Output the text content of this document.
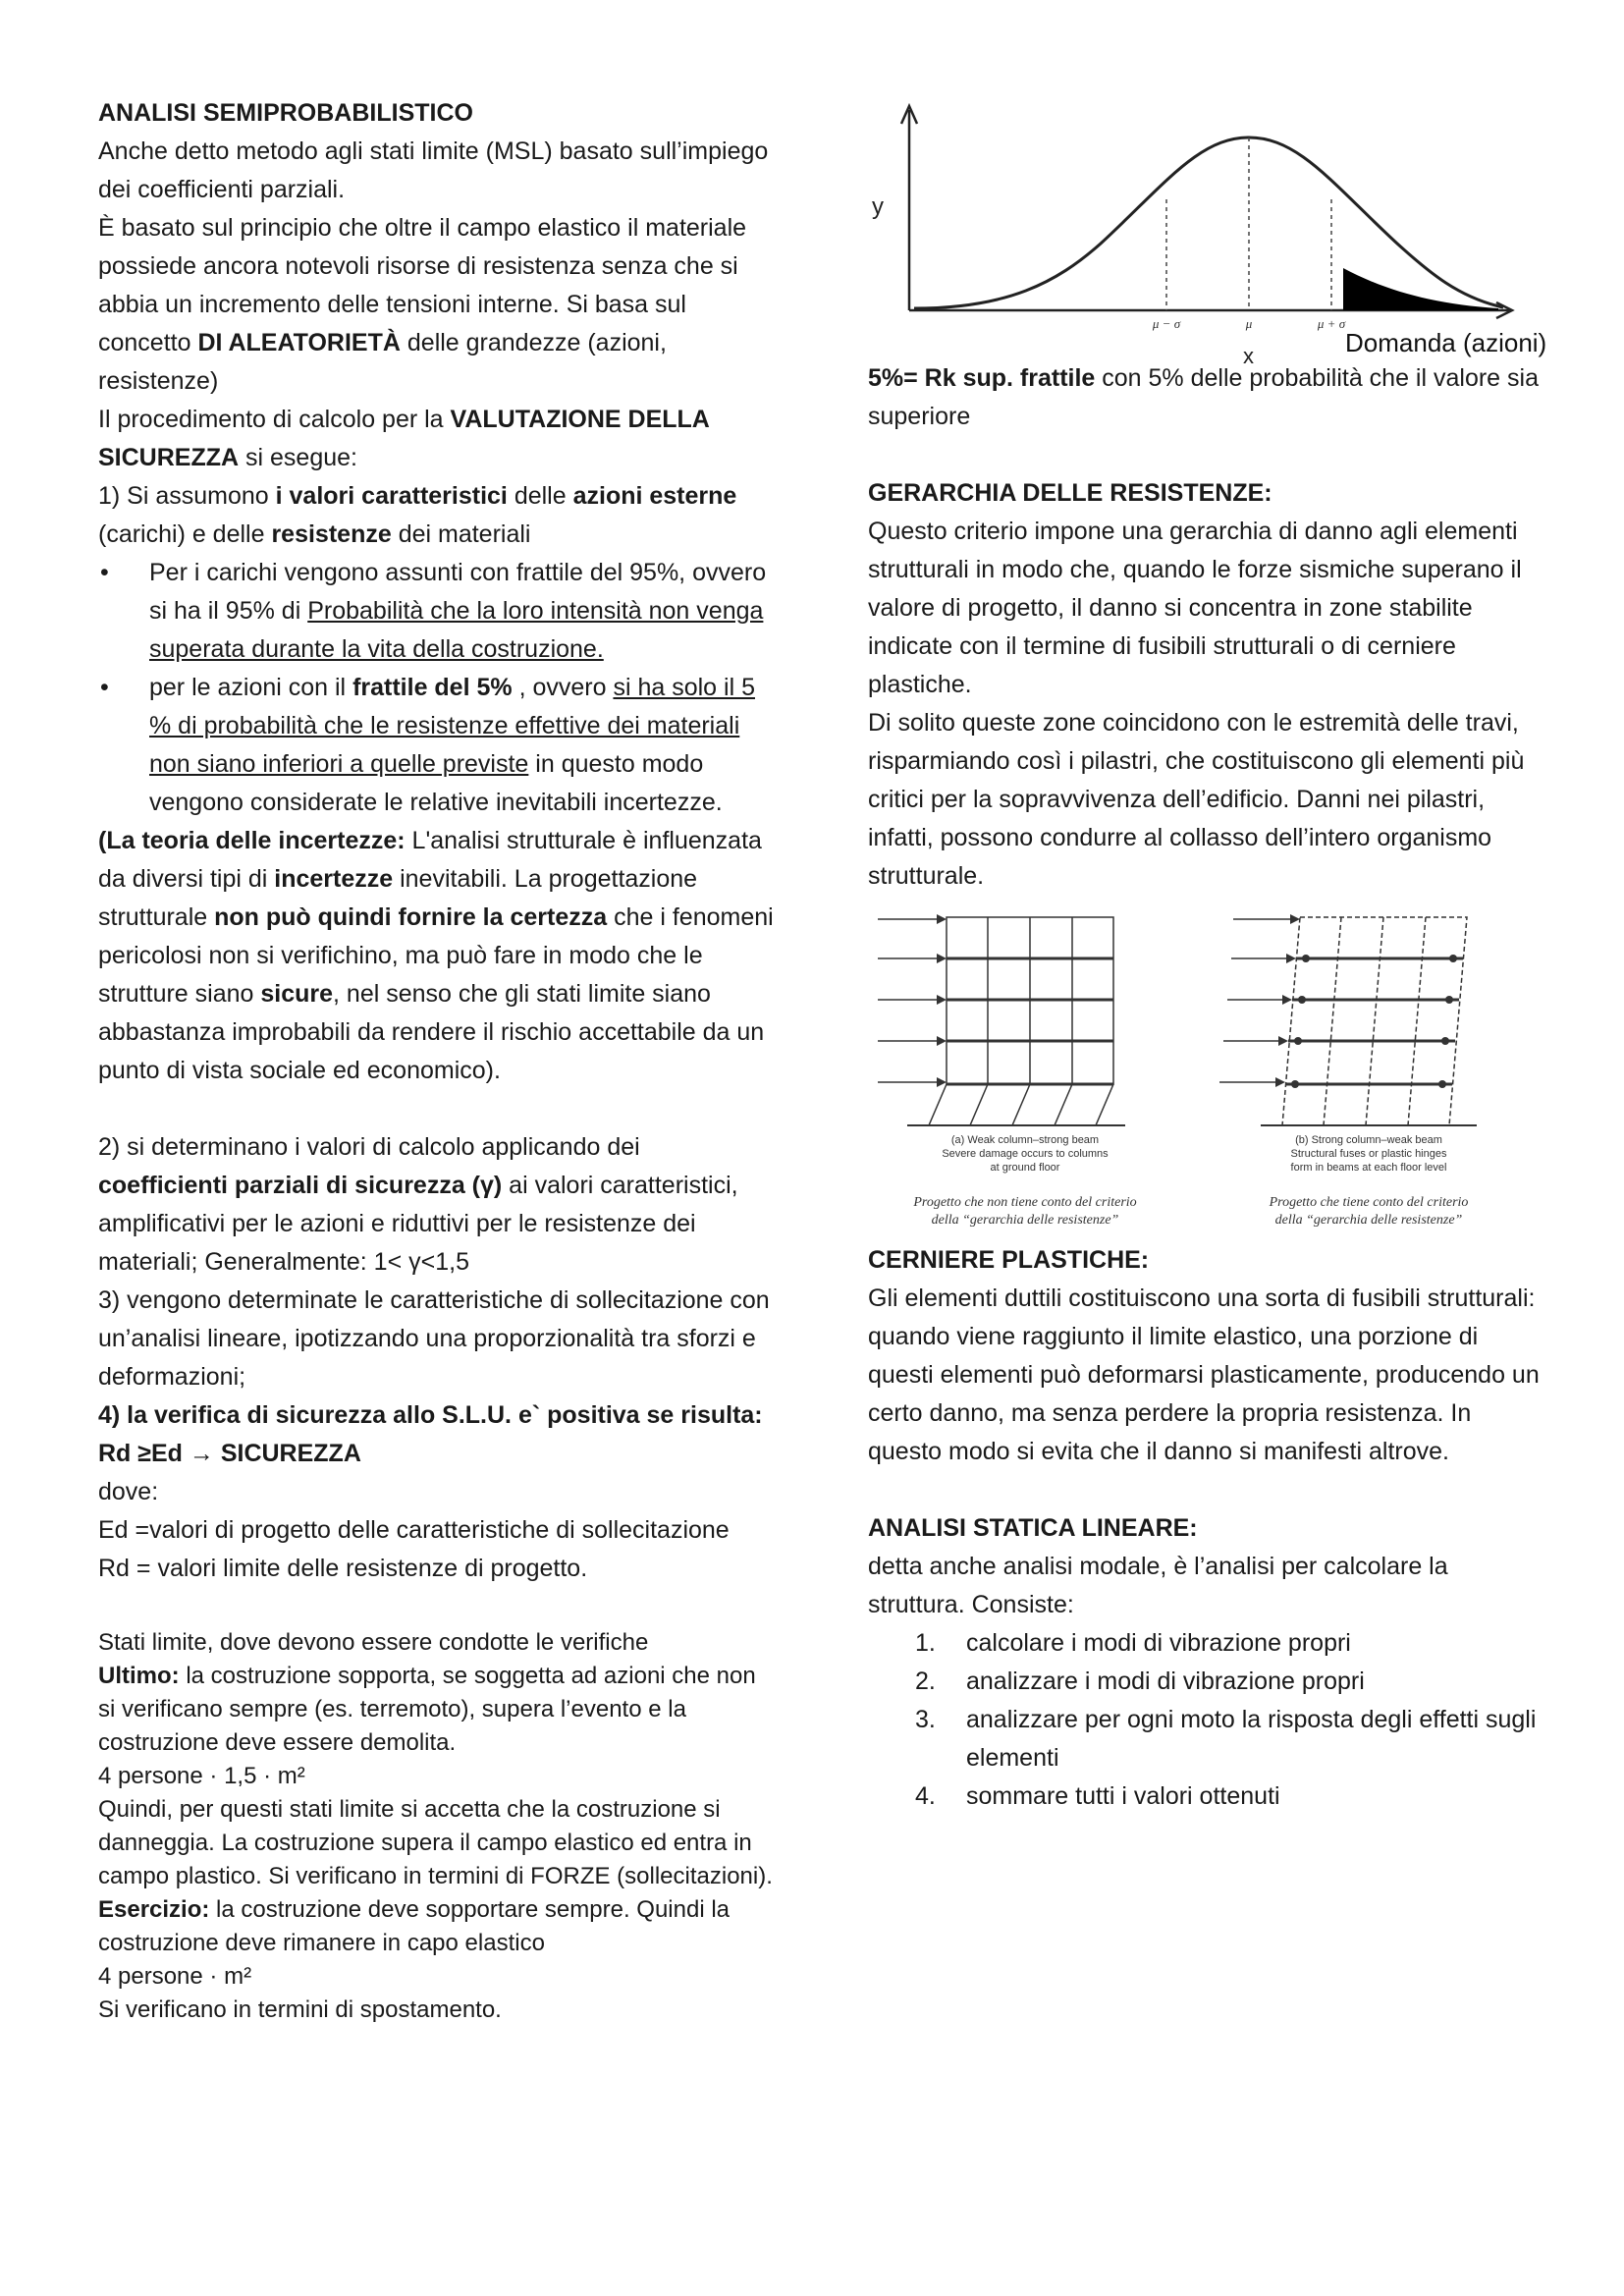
ANALISI SEMIPROBABILISTICO

Anche detto metodo agli stati limite (MSL) basato sull’impiego dei coefficienti parziali.

È basato sul principio che oltre il campo elastico il materiale possiede ancora notevoli risorse di resistenza senza che si abbia un incremento delle tensioni interne. Si basa sul concetto DI ALEATORIETÀ delle grandezze (azioni, resistenze)

Il procedimento di calcolo per la VALUTAZIONE DELLA SICUREZZA si esegue:

1) Si assumono i valori caratteristici delle azioni esterne (carichi) e delle resistenze dei materiali

• Per i carichi vengono assunti con frattile del 95%, ovvero si ha il 95% di Probabilità che la loro intensità non venga superata durante la vita della costruzione.
• per le azioni con il frattile del 5% , ovvero si ha solo il 5 % di probabilità che le resistenze effettive dei materiali non siano inferiori a quelle previste in questo modo vengono considerate le relative inevitabili incertezze.

(La teoria delle incertezze: L'analisi strutturale è influenzata da diversi tipi di incertezze inevitabili. La progettazione strutturale non può quindi fornire la certezza che i fenomeni pericolosi non si verifichino, ma può fare in modo che le strutture siano sicure, nel senso che gli stati limite siano abbastanza improbabili da rendere il rischio accettabile da un punto di vista sociale ed economico).

2) si determinano i valori di calcolo applicando dei coefficienti parziali di sicurezza (γ) ai valori caratteristici, amplificativi per le azioni e riduttivi per le resistenze dei materiali; Generalmente: 1< γ<1,5

3) vengono determinate le caratteristiche di sollecitazione con un’analisi lineare, ipotizzando una proporzionalità tra sforzi e deformazioni;

4) la verifica di sicurezza allo S.L.U. e` positiva se risulta: Rd ≥Ed → SICUREZZA

dove:

Ed =valori di progetto delle caratteristiche di sollecitazione

Rd = valori limite delle resistenze di progetto.

Stati limite, dove devono essere condotte le verifiche

Ultimo: la costruzione sopporta, se soggetta ad azioni che non si verificano sempre (es. terremoto), supera l’evento e la costruzione deve essere demolita.

4 persone · 1,5 · m²

Quindi, per questi stati limite si accetta che la costruzione si danneggia. La costruzione supera il campo elastico ed entra in campo plastico. Si verificano in termini di FORZE (sollecitazioni).

Esercizio: la costruzione deve sopportare sempre. Quindi la costruzione deve rimanere in capo elastico

4 persone · m²

Si verificano in termini di spostamento.

y
x
μ − σ	μ	μ + σ
Domanda (azioni)

5%= Rk sup. frattile con 5% delle probabilità che il valore sia superiore

GERARCHIA DELLE RESISTENZE:

Questo criterio impone una gerarchia di danno agli elementi strutturali in modo che, quando le forze sismiche superano il valore di progetto, il danno si concentra in zone stabilite indicate con il termine di fusibili strutturali o di cerniere plastiche.

Di solito queste zone coincidono con le estremità delle travi, risparmiando così i pilastri, che costituiscono gli elementi più critici per la sopravvivenza dell’edificio. Danni nei pilastri, infatti, possono condurre al collasso dell’intero organismo strutturale.

(a) Weak column–strong beam
Severe damage occurs to columns
at ground floor
(b) Strong column–weak beam
Structural fuses or plastic hinges
form in beams at each floor level
Progetto che non tiene conto del criterio
della “gerarchia delle resistenze”
Progetto che tiene conto del criterio
della “gerarchia delle resistenze”

CERNIERE PLASTICHE:

Gli elementi duttili costituiscono una sorta di fusibili strutturali: quando viene raggiunto il limite elastico, una porzione di questi elementi può deformarsi plasticamente, producendo un certo danno, ma senza perdere la propria resistenza. In questo modo si evita che il danno si manifesti altrove.

ANALISI STATICA LINEARE:

detta anche analisi modale, è l’analisi per calcolare la struttura. Consiste:

1. calcolare i modi di vibrazione propri
2. analizzare i modi di vibrazione propri
3. analizzare per ogni moto la risposta degli effetti sugli elementi
4. sommare tutti i valori ottenuti
